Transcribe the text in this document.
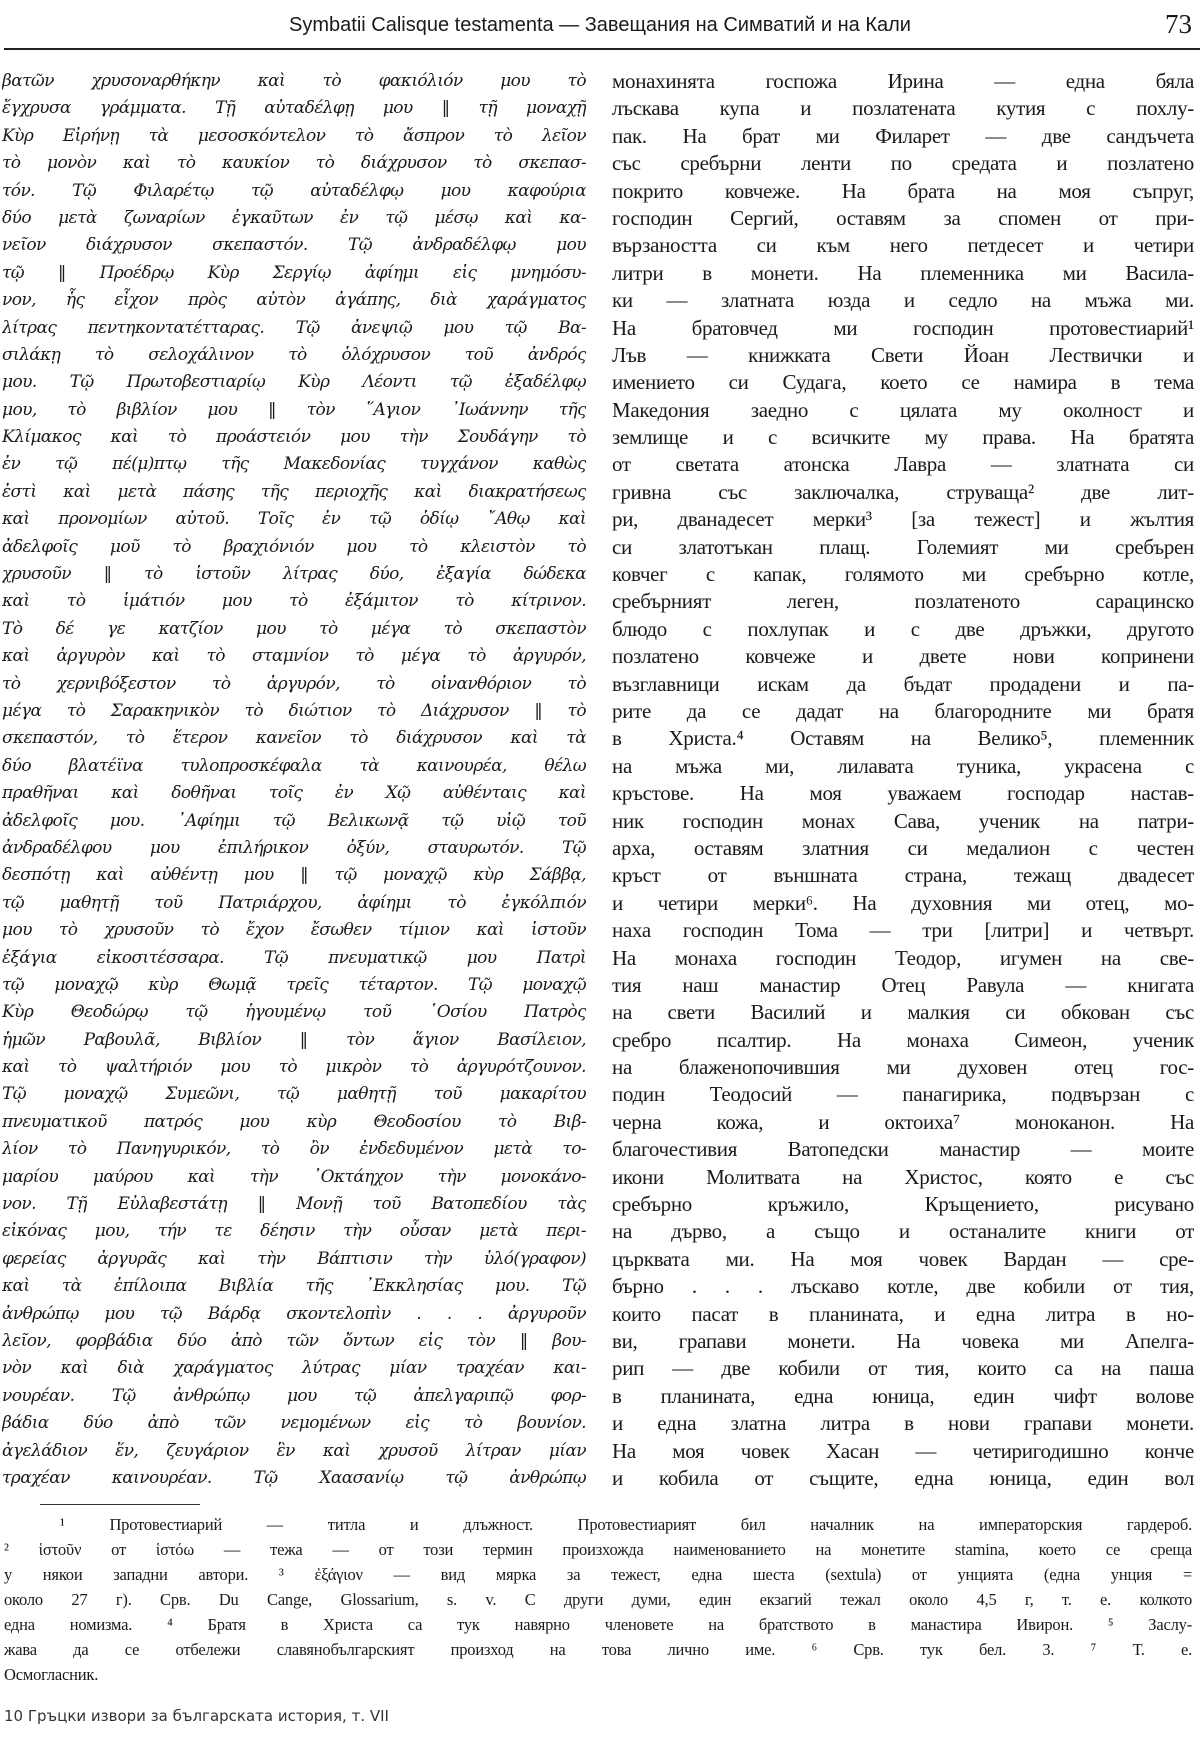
Symbatii Calisque testamenta — Завещания на Симватий и на Кали	73
βατῶν χρυσοναρθήκην καὶ τὸ φακιόλιόν μου τὸ
ἔγχρυσα γράμματα. Τῇ αὐταδέλφῃ μου ‖ τῇ μοναχῇ
Κὺρ Εἰρήνῃ τὰ μεσοσκόντελον τὸ ἄσπρον τὸ λεῖον
τὸ μονὸν καὶ τὸ καυκίον τὸ διάχρυσον τὸ σκεπασ-
τόν. Τῷ Φιλαρέτῳ τῷ αὐταδέλφῳ μου καφούρια
δύο μετὰ ζωναρίων ἐγκαῦτων ἐν τῷ μέσῳ καὶ κα-
νεῖον διάχρυσον σκεπαστόν. Τῷ ἀνδραδέλφῳ μου
τῷ ‖ Προέδρῳ Κὺρ Σεργίῳ ἀφίημι εἰς μνημόσυ-
νον, ἧς εἶχον πρὸς αὐτὸν ἀγάπης, διὰ χαράγματος
λίτρας πεντηκοντατέτταρας. Τῷ ἀνεψιῷ μου τῷ Βα-
σιλάκῃ τὸ σελοχάλινον τὸ ὁλόχρυσον τοῦ ἀνδρός
μου. Τῷ Πρωτοβεστιαρίῳ Κὺρ Λέοντι τῷ ἐξαδέλφῳ
μου, τὸ βιβλίον μου ‖ τὸν ῞Αγιον ᾿Ιωάννην τῆς
Κλίμακος καὶ τὸ προάστειόν μου τὴν Σουδάγην τὸ
ἐν τῷ πέ(μ)πτῳ τῆς Μακεδονίας τυγχάνον καθὼς
ἐστὶ καὶ μετὰ πάσης τῆς περιοχῆς καὶ διακρατήσεως
καὶ προνομίων αὐτοῦ. Τοῖς ἐν τῷ ὁδίῳ ῎Αθῳ καὶ
ἀδελφοῖς μοῦ τὸ βραχιόνιόν μου τὸ κλειστὸν τὸ
χρυσοῦν ‖ τὸ ἱστοῦν λίτρας δύο, ἐξαγία δώδεκα
καὶ τὸ ἱμάτιόν μου τὸ ἐξάμιτον τὸ κίτρινον.
Τὸ δέ γε κατζίον μου τὸ μέγα τὸ σκεπαστὸν
καὶ ἀργυρὸν καὶ τὸ σταμνίον τὸ μέγα τὸ ἀργυρόν,
τὸ χερνιβόξεστον τὸ ἀργυρόν, τὸ οἰνανθόριον τὸ
μέγα τὸ Σαρακηνικὸν τὸ διώτιον τὸ Διάχρυσον ‖ τὸ
σκεπαστόν, τὸ ἕτερον κανεῖον τὸ διάχρυσον καὶ τὰ
δύο βλατέϊνα τυλοπροσκέφαλα τὰ καινουρέα, θέλω
πραθῆναι καὶ δοθῆναι τοῖς ἐν Χῷ αὐθένταις καὶ
ἀδελφοῖς μου. ᾿Αφίημι τῷ Βελικωνᾷ τῷ υἱῷ τοῦ
ἀνδραδέλφου μου ἐπιλήρικον ὀξύν, σταυρωτόν. Τῷ
δεσπότῃ καὶ αὐθέντῃ μου ‖ τῷ μοναχῷ κὺρ Σάββᾳ,
τῷ μαθητῇ τοῦ Πατριάρχου, ἀφίημι τὸ ἐγκόλπιόν
μου τὸ χρυσοῦν τὸ ἔχον ἔσωθεν τίμιον καὶ ἱστοῦν
ἐξάγια εἰκοσιτέσσαρα. Τῷ πνευματικῷ μου Πατρὶ
τῷ μοναχῷ κὺρ Θωμᾷ τρεῖς τέταρτον. Τῷ μοναχῷ
Κὺρ Θεοδώρῳ τῷ ἡγουμένῳ τοῦ ῾Οσίου Πατρὸς
ἡμῶν Ραβουλᾶ, Βιβλίον ‖ τὸν ἅγιον Βασίλειον,
καὶ τὸ ψαλτήριόν μου τὸ μικρὸν τὸ ἀργυρότζουνον.
Τῷ μοναχῷ Συμεῶνι, τῷ μαθητῇ τοῦ μακαρίτου
πνευματικοῦ πατρός μου κὺρ Θεοδοσίου τὸ Βιβ-
λίον τὸ Πανηγυρικόν, τὸ ὂν ἐνδεδυμένον μετὰ το-
μαρίου μαύρου καὶ τὴν ᾿Οκτάηχον τὴν μονοκάνο-
νον. Τῇ Εὐλαβεστάτῃ ‖ Μονῇ τοῦ Βατοπεδίου τὰς
εἰκόνας μου, τήν τε δέησιν τὴν οὖσαν μετὰ περι-
φερείας ἀργυρᾶς καὶ τὴν Βάπτισιν τὴν ὑλό(γραφον)
καὶ τὰ ἐπίλοιπα Βιβλία τῆς ᾿Εκκλησίας μου. Τῷ
ἀνθρώπῳ μου τῷ Βάρδᾳ σκοντελοπὶν . . . ἀργυροῦν
λεῖον, φορβάδια δύο ἀπὸ τῶν ὄντων εἰς τὸν ‖ βου-
νὸν καὶ διὰ χαράγματος λύτρας μίαν τραχέαν και-
νουρέαν. Τῷ ἀνθρώπῳ μου τῷ ἀπελγαριπῷ φορ-
βάδια δύο ἀπὸ τῶν νεμομένων εἰς τὸ βουνίον.
ἀγελάδιον ἕν, ζευγάριον ἓν καὶ χρυσοῦ λίτραν μίαν
τραχέαν καινουρέαν. Τῷ Χαασανίῳ τῷ ἀνθρώπῳ
монахинята госпожа Ирина — една бяла
лъскава купа и позлатената кутия с похлу-
пак. На брат ми Филарет — две сандъчета
със сребърни ленти по средата и позлатено
покрито ковчеже. На брата на моя съпруг,
господин Сергий, оставям за спомен от при-
вързаността си към него петдесет и четири
литри в монети. На племенника ми Васила-
ки — златната юзда и седло на мъжа ми.
На братовчед ми господин протовестиарий¹
Лъв — книжката Свети Йоан Лествички и
имението си Судага, което се намира в тема
Македония заедно с цялата му околност и
землище и с всичките му права. На братята
от светата атонска Лавра — златната си
гривна със заключалка, струваща² две лит-
ри, дванадесет мерки³ [за тежест] и жълтия
си златотъкан плащ. Големият ми сребърен
ковчег с капак, голямото ми сребърно котле,
сребърният леген, позлатеното сарацинско
блюдо с похлупак и с две дръжки, другото
позлатено ковчеже и двете нови копринени
възглавници искам да бъдат продадени и па-
рите да се дадат на благородните ми братя
в Христа.⁴ Оставям на Велико⁵, племенник
на мъжа ми, лилавата туника, украсена с
кръстове. На моя уважаем господар настав-
ник господин монах Сава, ученик на патри-
арха, оставям златния си медалион с честен
кръст от външната страна, тежащ двадесет
и четири мерки⁶. На духовния ми отец, мо-
наха господин Тома — три [литри] и четвърт.
На монаха господин Теодор, игумен на све-
тия наш манастир Отец Равула — книгата
на свети Василий и малкия си обкован със
сребро псалтир. На монаха Симеон, ученик
на блаженопочившия ми духовен отец гос-
подин Теодосий — панагирика, подвързан с
черна кожа, и октоиха⁷ моноканон. На
благочестивия Ватопедски манастир — моите
икони Молитвата на Христос, която е със
сребърно кръжило, Кръщението, рисувано
на дърво, а също и останалите книги от
църквата ми. На моя човек Вардан — сре-
бърно . . . лъскаво котле, две кобили от тия,
които пасат в планината, и една литра в но-
ви, грапави монети. На човека ми Апелга-
рип — две кобили от тия, които са на паша
в планината, една юница, един чифт волове
и една златна литра в нови грапави монети.
На моя човек Хасан — четиригодишно конче
и кобила от същите, една юница, един вол
¹ Протовестиарий — титла и длъжност. Протовестиарият бил началник на императорския гардероб.
² ἱστοῦν от ἱστόω — тежа — от този термин произхожда наименованието на монетите stamina, което се среща
у някои западни автори. ³ ἐξάγιον — вид мярка за тежест, една шеста (sextula) от унцията (една унция =
около 27 г). Срв. Du Cange, Glossarium, s. v. С други думи, един екзагий тежал около 4,5 г, т. е. колкото
една номизма. ⁴ Братя в Христа са тук навярно членовете на братството в манастира Ивирон. ⁵ Заслу-
жава да се отбележи славянобългарският произход на това лично име. ⁶ Срв. тук бел. 3. ⁷ Т. е.
Осмогласник.
10 Гръцки извори за българската история, т. VII
